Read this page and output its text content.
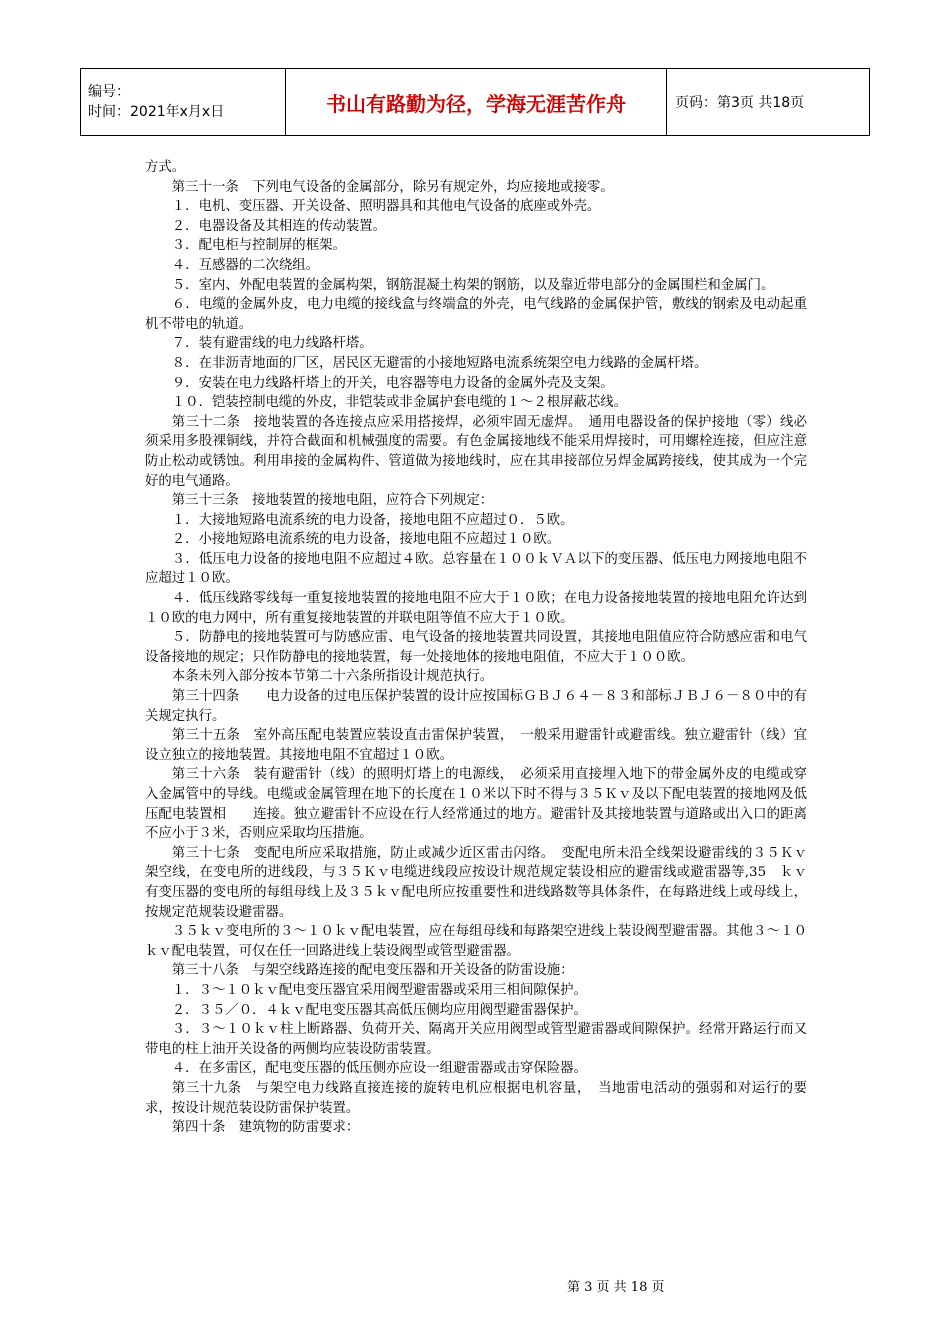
编号：
时间：2021年x月x日	书山有路勤为径，学海无涯苦作舟	页码：第3页 共18页

方式。

第三十一条　下列电气设备的金属部分，除另有规定外，均应接地或接零。

１．电机、变压器、开关设备、照明器具和其他电气设备的底座或外壳。

２．电器设备及其相连的传动装置。

３．配电柜与控制屏的框架。

４．互感器的二次绕组。

５．室内、外配电装置的金属构架，钢筋混凝土构架的钢筋，以及靠近带电部分的金属围栏和金属门。

６．电缆的金属外皮，电力电缆的接线盒与终端盒的外壳，电气线路的金属保护管，敷线的钢索及电动起重机不带电的轨道。

７．装有避雷线的电力线路杆塔。

８．在非沥青地面的厂区，居民区无避雷的小接地短路电流系统架空电力线路的金属杆塔。

９．安装在电力线路杆塔上的开关，电容器等电力设备的金属外壳及支架。

１０．铠装控制电缆的外皮，非铠装或非金属护套电缆的１～２根屏蔽芯线。

第三十二条　接地装置的各连接点应采用搭接焊，必须牢固无虚焊。　通用电器设备的保护接地（零）线必须采用多股裸铜线，并符合截面和机械强度的需要。有色金属接地线不能采用焊接时，可用螺栓连接，但应注意防止松动或锈蚀。利用串接的金属构件、管道做为接地线时，应在其串接部位另焊金属跨接线，使其成为一个完好的电气通路。

第三十三条　接地装置的接地电阻，应符合下列规定：

１．大接地短路电流系统的电力设备，接地电阻不应超过０．５欧。

２．小接地短路电流系统的电力设备，接地电阻不应超过１０欧。

３．低压电力设备的接地电阻不应超过４欧。总容量在１００ｋＶＡ以下的变压器、低压电力网接地电阻不应超过１０欧。

４．低压线路零线每一重复接地装置的接地电阻不应大于１０欧；在电力设备接地装置的接地电阻允许达到１０欧的电力网中，所有重复接地装置的并联电阻等值不应大于１０欧。

５．防静电的接地装置可与防感应雷、电气设备的接地装置共同设置，其接地电阻值应符合防感应雷和电气设备接地的规定；只作防静电的接地装置，每一处接地体的接地电阻值，不应大于１００欧。

本条未列入部分按本节第二十六条所指设计规范执行。

第三十四条　　电力设备的过电压保护装置的设计应按国标ＧＢＪ６４－８３和部标ＪＢＪ６－８０中的有关规定执行。

第三十五条　室外高压配电装置应装设直击雷保护装置，　一般采用避雷针或避雷线。独立避雷针（线）宜设立独立的接地装置。其接地电阻不宜超过１０欧。

第三十六条　装有避雷针（线）的照明灯塔上的电源线，　必须采用直接埋入地下的带金属外皮的电缆或穿入金属管中的导线。电缆或金属管理在地下的长度在１０米以下时不得与３５Ｋｖ及以下配电装置的接地网及低压配电装置相　　连接。独立避雷针不应设在行人经常通过的地方。避雷针及其接地装置与道路或出入口的距离不应小于３米，否则应采取均压措施。

第三十七条　变配电所应采取措施，防止或减少近区雷击闪络。　变配电所未沿全线架设避雷线的３５Ｋｖ架空线，在变电所的进线段，与３５Ｋｖ电缆进线段应按设计规范规定装设相应的避雷线或避雷器等,35　ｋｖ有变压器的变电所的每组母线上及３５ｋｖ配电所应按重要性和进线路数等具体条件，在每路进线上或母线上，按规定范规装设避雷器。

３５ｋｖ变电所的３～１０ｋｖ配电装置，应在每组母线和每路架空进线上装设阀型避雷器。其他３～１０ｋｖ配电装置，可仅在任一回路进线上装设阀型或管型避雷器。

第三十八条　与架空线路连接的配电变压器和开关设备的防雷设施：

１．３～１０ｋｖ配电变压器宜采用阀型避雷器或采用三相间隙保护。

２．３５／０．４ｋｖ配电变压器其高低压侧均应用阀型避雷器保护。

３．３～１０ｋｖ柱上断路器、负荷开关、隔离开关应用阀型或管型避雷器或间隙保护。经常开路运行而又带电的柱上油开关设备的两侧均应装设防雷装置。

４．在多雷区，配电变压器的低压侧亦应设一组避雷器或击穿保险器。

第三十九条　与架空电力线路直接连接的旋转电机应根据电机容量，　当地雷电活动的强弱和对运行的要求，按设计规范装设防雷保护装置。

第四十条　建筑物的防雷要求：

第 3 页 共 18 页
